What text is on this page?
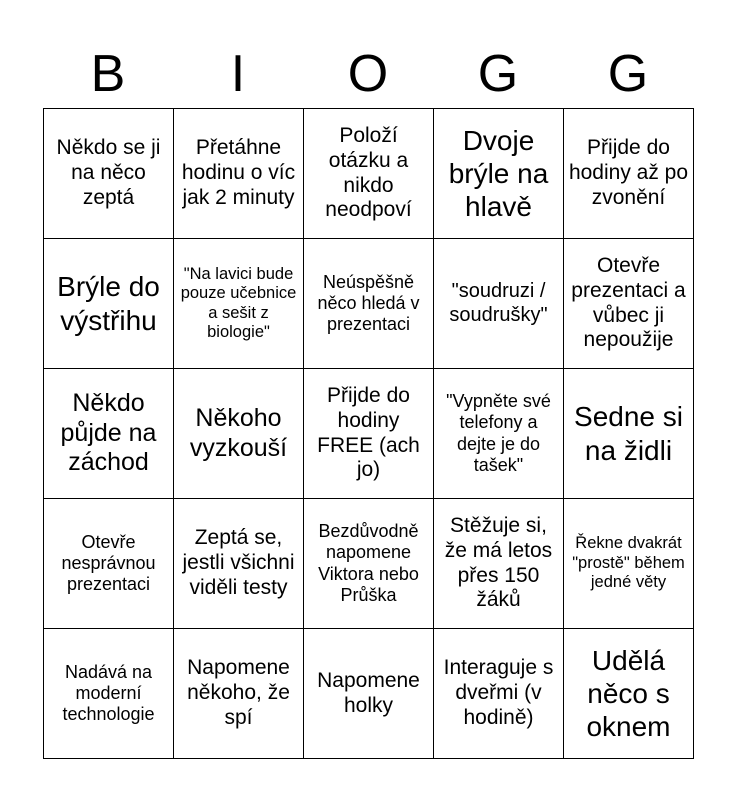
B	I	O	G	G
Někdo se ji na něco zeptá	Přetáhne hodinu o víc jak 2 minuty	Položí otázku a nikdo neodpoví	Dvoje brýle na hlavě	Přijde do hodiny až po zvonění
Brýle do výstřihu	"Na lavici bude pouze učebnice a sešit z biologie"	Neúspěšně něco hledá v prezentaci	"soudruzi / soudrušky"	Otevře prezentaci a vůbec ji nepoužije
Někdo půjde na záchod	Někoho vyzkouší	Přijde do hodiny FREE (ach jo)	"Vypněte své telefony a dejte je do tašek"	Sedne si na židli
Otevře nesprávnou prezentaci	Zeptá se, jestli všichni viděli testy	Bezdůvodně napomene Viktora nebo Průška	Stěžuje si, že má letos přes 150 žáků	Řekne dvakrát "prostě" během jedné věty
Nadává na moderní technologie	Napomene někoho, že spí	Napomene holky	Interaguje s dveřmi (v hodině)	Udělá něco s oknem
